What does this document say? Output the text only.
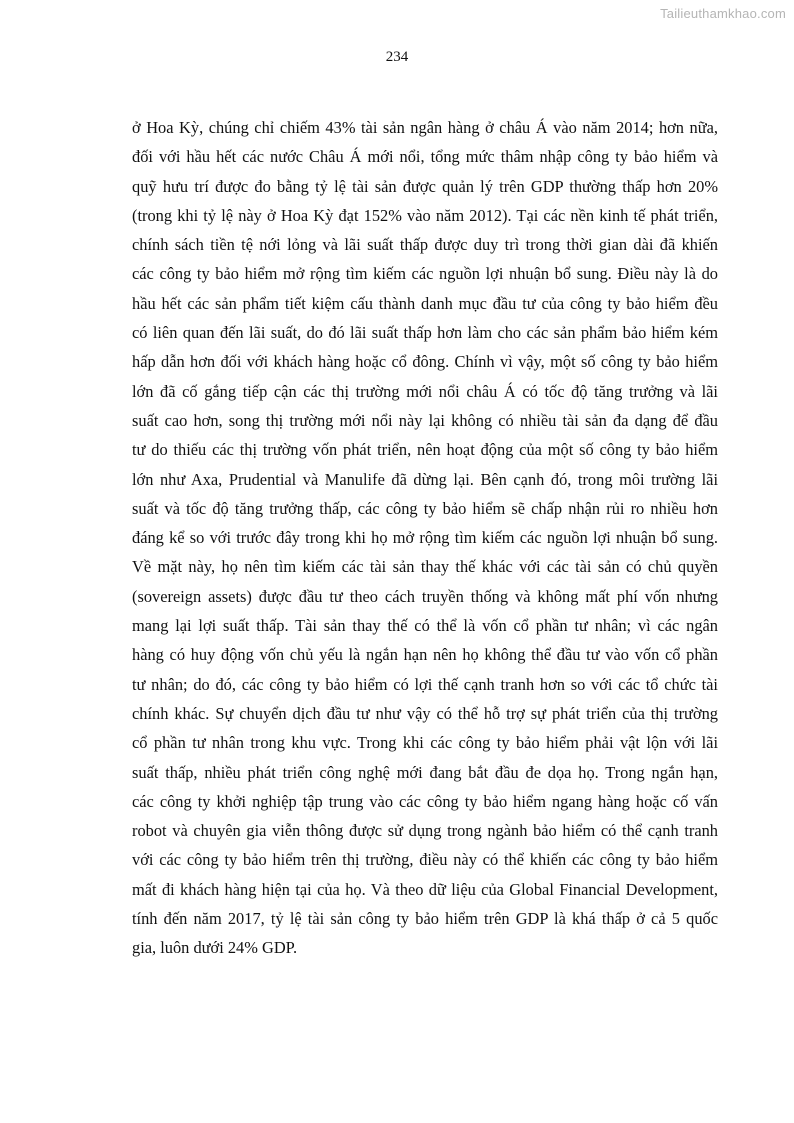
Tailieuthamkhao.com
234
ở Hoa Kỳ, chúng chỉ chiếm 43% tài sản ngân hàng ở châu Á vào năm 2014; hơn nữa,
đối với hầu hết các nước Châu Á mới nổi, tổng mức thâm nhập công ty bảo hiểm và
quỹ hưu trí được đo bằng tỷ lệ tài sản được quản lý trên GDP thường thấp hơn 20%
(trong khi tỷ lệ này ở Hoa Kỳ đạt 152% vào năm 2012). Tại các nền kinh tế phát triển,
chính sách tiền tệ nới lỏng và lãi suất thấp được duy trì trong thời gian dài đã khiến
các công ty bảo hiểm mở rộng tìm kiếm các nguồn lợi nhuận bổ sung. Điều này là do
hầu hết các sản phẩm tiết kiệm cấu thành danh mục đầu tư của công ty bảo hiểm đều
có liên quan đến lãi suất, do đó lãi suất thấp hơn làm cho các sản phẩm bảo hiểm kém
hấp dẫn hơn đối với khách hàng hoặc cổ đông. Chính vì vậy, một số công ty bảo hiểm
lớn đã cố gắng tiếp cận các thị trường mới nổi châu Á có tốc độ tăng trưởng và lãi
suất cao hơn, song thị trường mới nổi này lại không có nhiều tài sản đa dạng để đầu
tư do thiếu các thị trường vốn phát triển, nên hoạt động của một số công ty bảo hiểm
lớn như Axa, Prudential và Manulife đã dừng lại. Bên cạnh đó, trong môi trường lãi
suất và tốc độ tăng trưởng thấp, các công ty bảo hiểm sẽ chấp nhận rủi ro nhiều hơn
đáng kể so với trước đây trong khi họ mở rộng tìm kiếm các nguồn lợi nhuận bổ sung.
Về mặt này, họ nên tìm kiếm các tài sản thay thế khác với các tài sản có chủ quyền
(sovereign assets) được đầu tư theo cách truyền thống và không mất phí vốn nhưng
mang lại lợi suất thấp. Tài sản thay thế có thể là vốn cổ phần tư nhân; vì các ngân
hàng có huy động vốn chủ yếu là ngắn hạn nên họ không thể đầu tư vào vốn cổ phần
tư nhân; do đó, các công ty bảo hiểm có lợi thế cạnh tranh hơn so với các tổ chức tài
chính khác. Sự chuyển dịch đầu tư như vậy có thể hỗ trợ sự phát triển của thị trường
cổ phần tư nhân trong khu vực. Trong khi các công ty bảo hiểm phải vật lộn với lãi
suất thấp, nhiều phát triển công nghệ mới đang bắt đầu đe dọa họ. Trong ngắn hạn,
các công ty khởi nghiệp tập trung vào các công ty bảo hiểm ngang hàng hoặc cố vấn
robot và chuyên gia viễn thông được sử dụng trong ngành bảo hiểm có thể cạnh tranh
với các công ty bảo hiểm trên thị trường, điều này có thể khiến các công ty bảo hiểm
mất đi khách hàng hiện tại của họ. Và theo dữ liệu của Global Financial Development,
tính đến năm 2017, tỷ lệ tài sản công ty bảo hiểm trên GDP là khá thấp ở cả 5 quốc
gia, luôn dưới 24% GDP.
